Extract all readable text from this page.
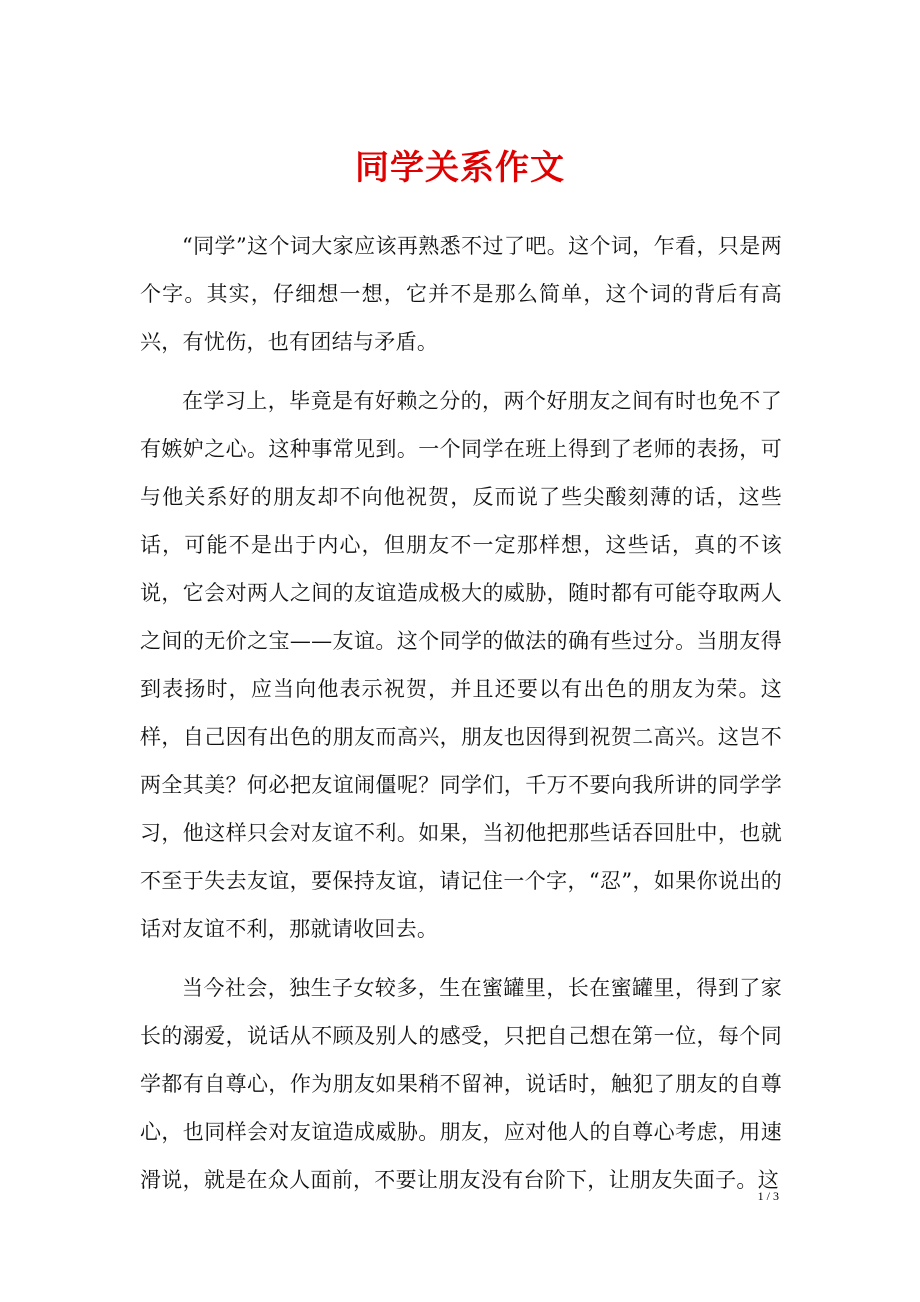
同学关系作文

“同学”这个词大家应该再熟悉不过了吧。这个词，乍看，只是两个字。其实，仔细想一想，它并不是那么简单，这个词的背后有高兴，有忧伤，也有团结与矛盾。

在学习上，毕竟是有好赖之分的，两个好朋友之间有时也免不了有嫉妒之心。这种事常见到。一个同学在班上得到了老师的表扬，可与他关系好的朋友却不向他祝贺，反而说了些尖酸刻薄的话，这些话，可能不是出于内心，但朋友不一定那样想，这些话，真的不该说，它会对两人之间的友谊造成极大的威胁，随时都有可能夺取两人之间的无价之宝——友谊。这个同学的做法的确有些过分。当朋友得到表扬时，应当向他表示祝贺，并且还要以有出色的朋友为荣。这样，自己因有出色的朋友而高兴，朋友也因得到祝贺二高兴。这岂不两全其美？何必把友谊闹僵呢？同学们，千万不要向我所讲的同学学习，他这样只会对友谊不利。如果，当初他把那些话吞回肚中，也就不至于失去友谊，要保持友谊，请记住一个字，“忍”，如果你说出的话对友谊不利，那就请收回去。

当今社会，独生子女较多，生在蜜罐里，长在蜜罐里，得到了家长的溺爱，说话从不顾及别人的感受，只把自己想在第一位，每个同学都有自尊心，作为朋友如果稍不留神，说话时，触犯了朋友的自尊心，也同样会对友谊造成威胁。朋友，应对他人的自尊心考虑，用速滑说，就是在众人面前，不要让朋友没有台阶下，让朋友失面子。这

1 / 3
